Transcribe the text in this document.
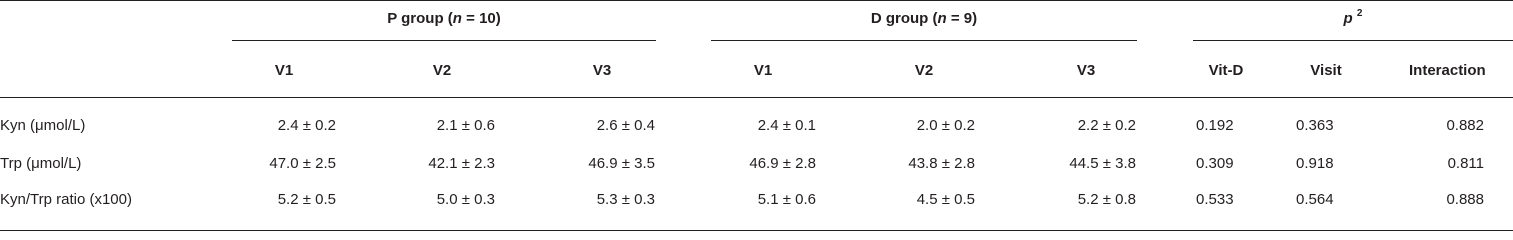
P group (n = 10)	D group (n = 9)	p $^2$
V1	V2	V3	V1	V2	V3	Vit-D	Visit	Interaction
Kyn (μmol/L)	2.4 ± 0.2	2.1 ± 0.6	2.6 ± 0.4	2.4 ± 0.1	2.0 ± 0.2	2.2 ± 0.2	0.192	0.363	0.882
Trp (μmol/L)	47.0 ± 2.5	42.1 ± 2.3	46.9 ± 3.5	46.9 ± 2.8	43.8 ± 2.8	44.5 ± 3.8	0.309	0.918	0.811
Kyn/Trp ratio (x100)	5.2 ± 0.5	5.0 ± 0.3	5.3 ± 0.3	5.1 ± 0.6	4.5 ± 0.5	5.2 ± 0.8	0.533	0.564	0.888
